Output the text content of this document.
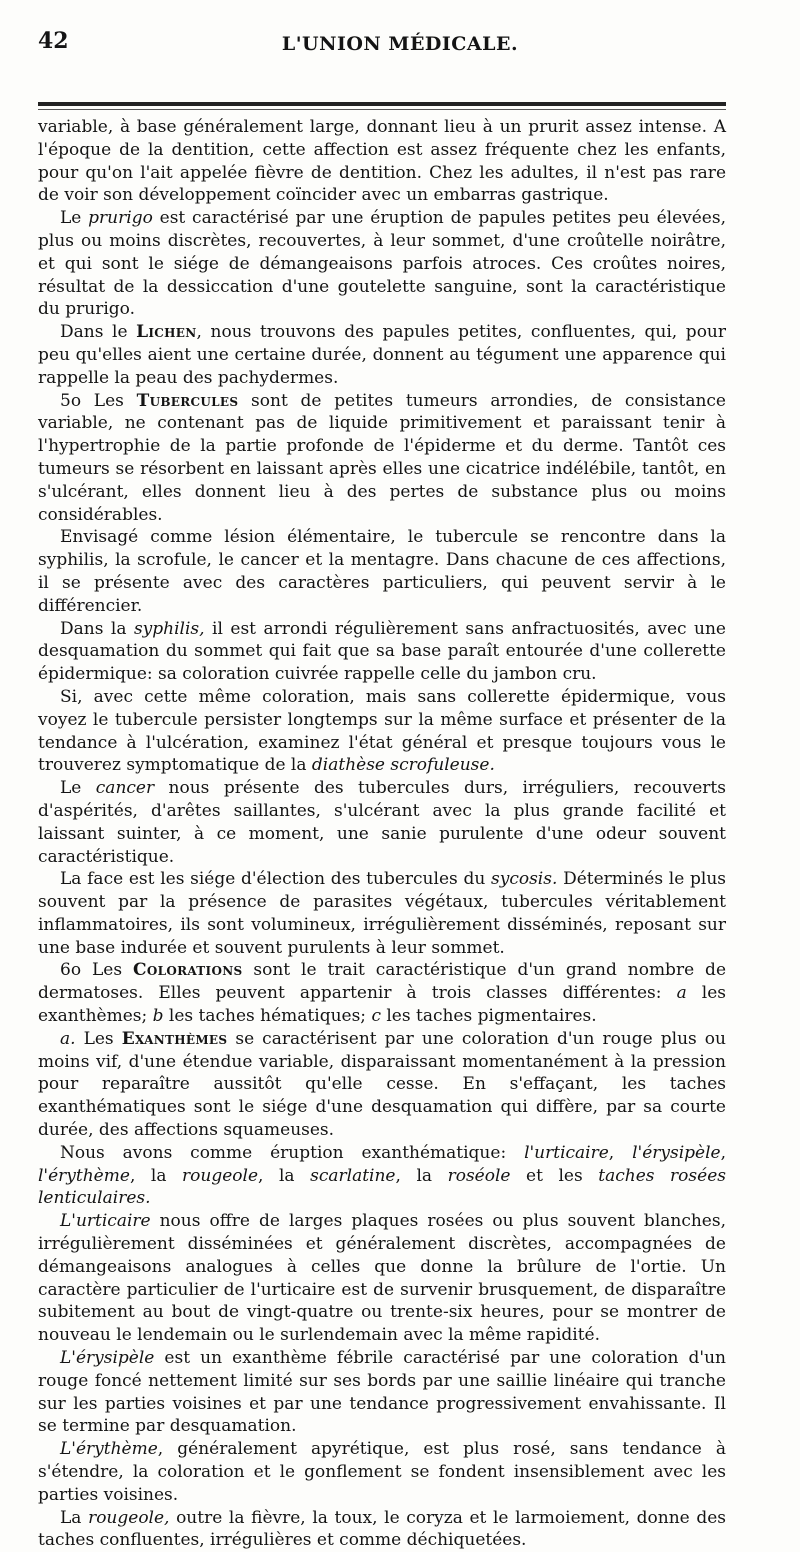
42	L'UNION MÉDICALE.

variable, à base généralement large, donnant lieu à un prurit assez intense. A l'époque de la dentition, cette affection est assez fréquente chez les enfants, pour qu'on l'ait appelée fièvre de dentition. Chez les adultes, il n'est pas rare de voir son développement coïncider avec un embarras gastrique.

Le prurigo est caractérisé par une éruption de papules petites peu élevées, plus ou moins discrètes, recouvertes, à leur sommet, d'une croûtelle noirâtre, et qui sont le siége de démangeaisons parfois atroces. Ces croûtes noires, résultat de la dessiccation d'une goutelette sanguine, sont la caractéristique du prurigo.

Dans le Lichen, nous trouvons des papules petites, confluentes, qui, pour peu qu'elles aient une certaine durée, donnent au tégument une apparence qui rappelle la peau des pachydermes.

5o Les Tubercules sont de petites tumeurs arrondies, de consistance variable, ne contenant pas de liquide primitivement et paraissant tenir à l'hypertrophie de la partie profonde de l'épiderme et du derme. Tantôt ces tumeurs se résorbent en laissant après elles une cicatrice indélébile, tantôt, en s'ulcérant, elles donnent lieu à des pertes de substance plus ou moins considérables.

Envisagé comme lésion élémentaire, le tubercule se rencontre dans la syphilis, la scrofule, le cancer et la mentagre. Dans chacune de ces affections, il se présente avec des caractères particuliers, qui peuvent servir à le différencier.

Dans la syphilis, il est arrondi régulièrement sans anfractuosités, avec une desquamation du sommet qui fait que sa base paraît entourée d'une collerette épidermique: sa coloration cuivrée rappelle celle du jambon cru.

Si, avec cette même coloration, mais sans collerette épidermique, vous voyez le tubercule persister longtemps sur la même surface et présenter de la tendance à l'ulcération, examinez l'état général et presque toujours vous le trouverez symptomatique de la diathèse scrofuleuse.

Le cancer nous présente des tubercules durs, irréguliers, recouverts d'aspérités, d'arêtes saillantes, s'ulcérant avec la plus grande facilité et laissant suinter, à ce moment, une sanie purulente d'une odeur souvent caractéristique.

La face est les siége d'élection des tubercules du sycosis. Déterminés le plus souvent par la présence de parasites végétaux, tubercules véritablement inflammatoires, ils sont volumineux, irrégulièrement disséminés, reposant sur une base indurée et souvent purulents à leur sommet.

6o Les Colorations sont le trait caractéristique d'un grand nombre de dermatoses. Elles peuvent appartenir à trois classes différentes: a les exanthèmes; b les taches hématiques; c les taches pigmentaires.

a. Les Exanthèmes se caractérisent par une coloration d'un rouge plus ou moins vif, d'une étendue variable, disparaissant momentanément à la pression pour reparaître aussitôt qu'elle cesse. En s'effaçant, les taches exanthématiques sont le siége d'une desquamation qui diffère, par sa courte durée, des affections squameuses.

Nous avons comme éruption exanthématique: l'urticaire, l'érysipèle, l'érythème, la rougeole, la scarlatine, la roséole et les taches rosées lenticulaires.

L'urticaire nous offre de larges plaques rosées ou plus souvent blanches, irrégulièrement disséminées et généralement discrètes, accompagnées de démangeaisons analogues à celles que donne la brûlure de l'ortie. Un caractère particulier de l'urticaire est de survenir brusquement, de disparaître subitement au bout de vingt-quatre ou trente-six heures, pour se montrer de nouveau le lendemain ou le surlendemain avec la même rapidité.

L'érysipèle est un exanthème fébrile caractérisé par une coloration d'un rouge foncé nettement limité sur ses bords par une saillie linéaire qui tranche sur les parties voisines et par une tendance progressivement envahissante. Il se termine par desquamation.

L'érythème, généralement apyrétique, est plus rosé, sans tendance à s'étendre, la coloration et le gonflement se fondent insensiblement avec les parties voisines.

La rougeole, outre la fièvre, la toux, le coryza et le larmoiement, donne des taches confluentes, irrégulières et comme déchiquetées.
